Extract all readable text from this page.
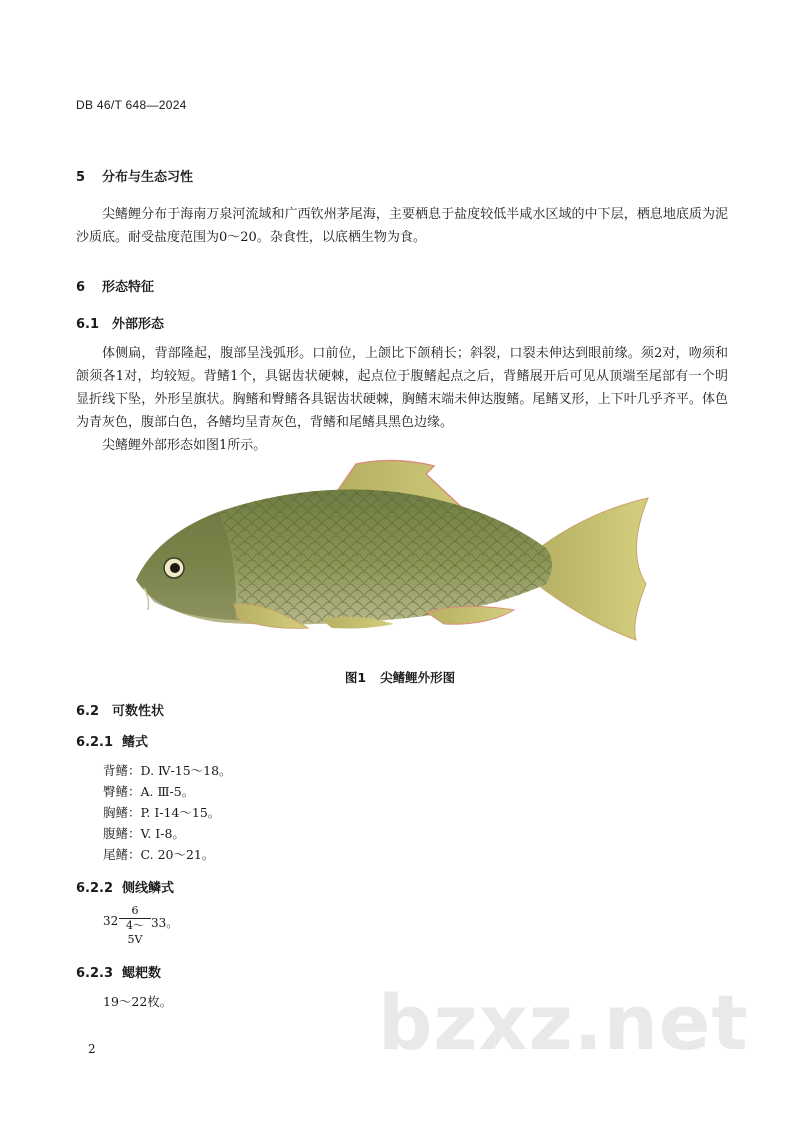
DB 46/T 648—2024
5 分布与生态习性

尖鳍鲤分布于海南万泉河流域和广西钦州茅尾海，主要栖息于盐度较低半咸水区域的中下层，栖息地底质为泥沙质底。耐受盐度范围为0～20。杂食性，以底栖生物为食。

6 形态特征
6.1 外部形态

体侧扁，背部隆起，腹部呈浅弧形。口前位，上颌比下颌稍长；斜裂，口裂未伸达到眼前缘。须2对，吻须和颌须各1对，均较短。背鳍1个，具锯齿状硬棘，起点位于腹鳍起点之后，背鳍展开后可见从顶端至尾部有一个明显折线下坠，外形呈旗状。胸鳍和臀鳍各具锯齿状硬棘，胸鳍末端未伸达腹鳍。尾鳍叉形，上下叶几乎齐平。体色为青灰色，腹部白色，各鳍均呈青灰色，背鳍和尾鳍具黑色边缘。

尖鳍鲤外部形态如图1所示。

图1 尖鳍鲤外形图
6.2 可数性状
6.2.1 鳍式
背鳍：D. Ⅳ-15～18。
臀鳍：A. Ⅲ-5。
胸鳍：P. Ⅰ-14～15。
腹鳍：V. Ⅰ-8。
尾鳍：C. 20～21。
6.2.2 侧线鳞式
32
6
4～5V
33。
6.2.3 鳃耙数
19～22枚。	bzxz.net
2
